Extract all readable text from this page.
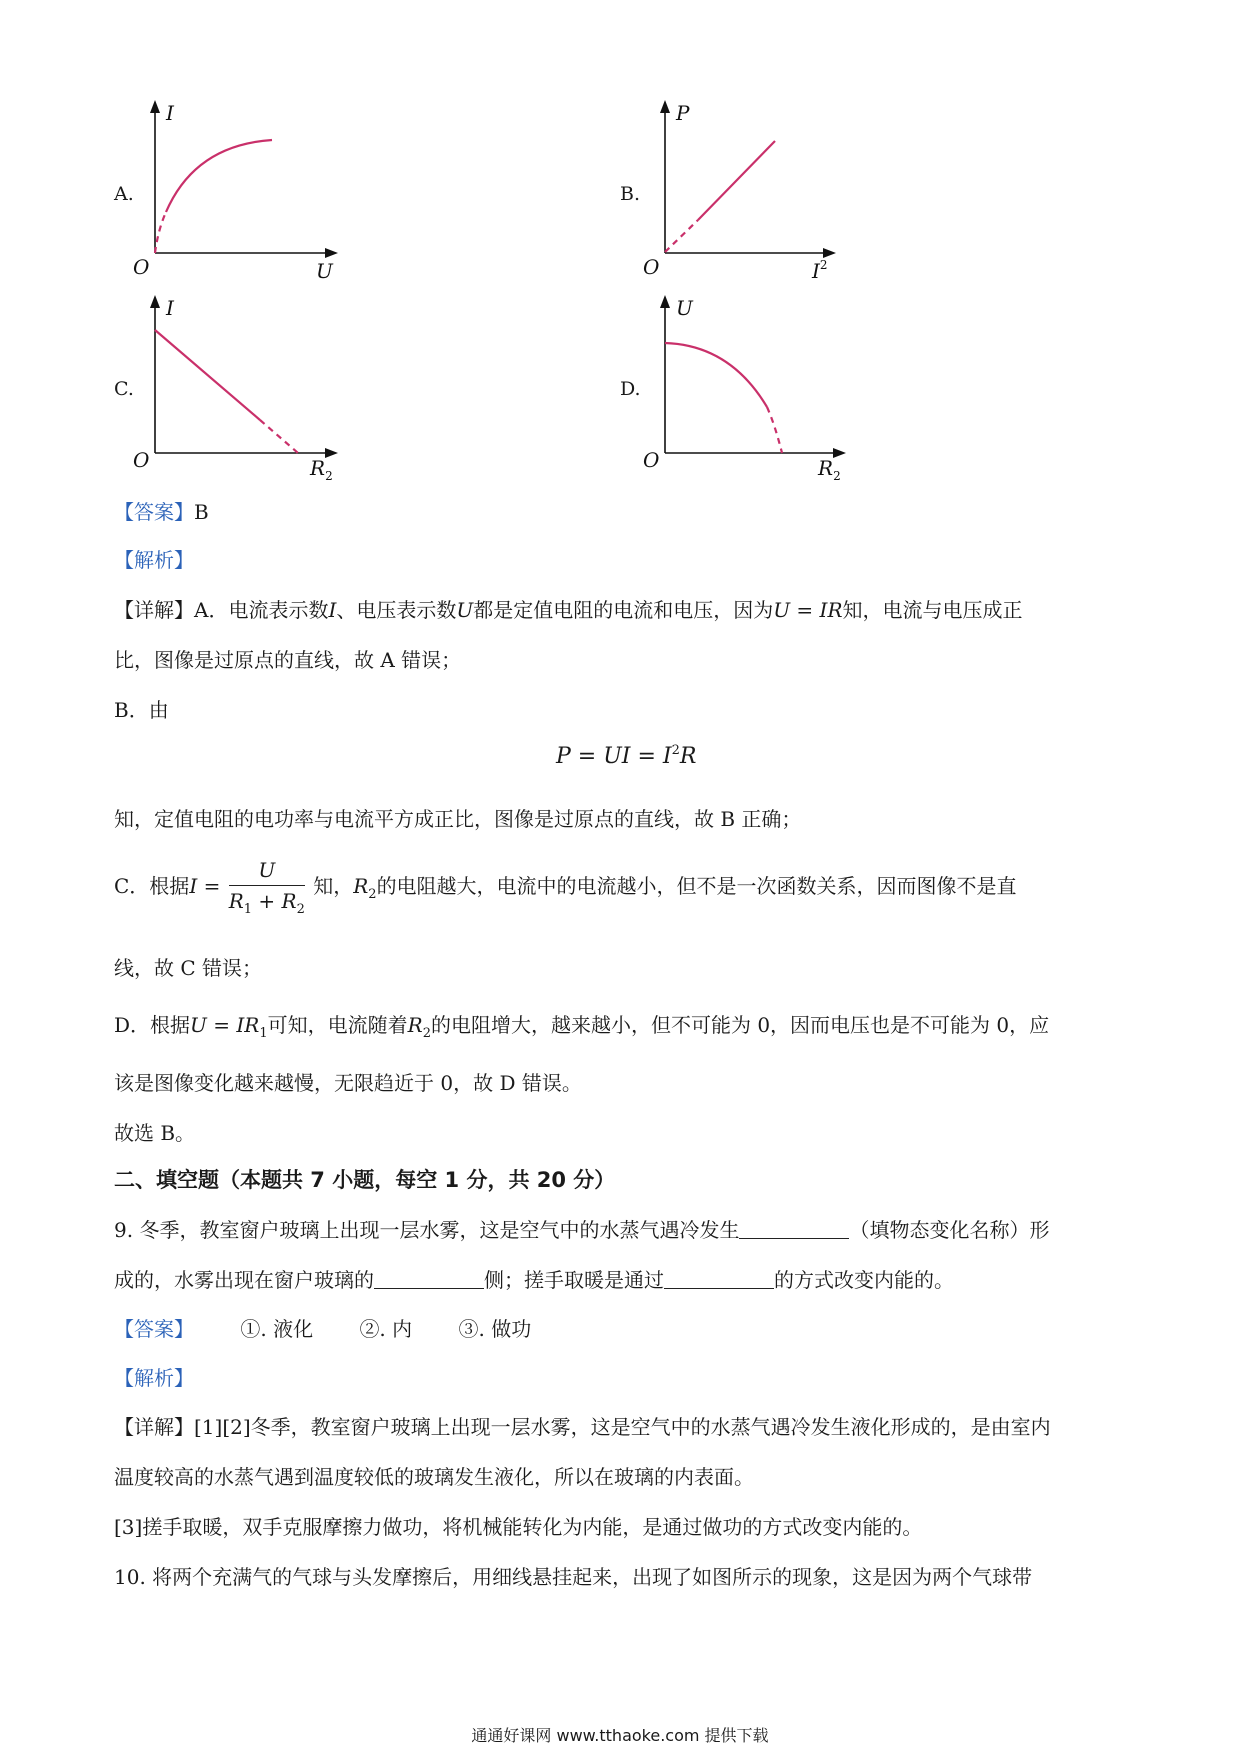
A.
I
U
O
B.
P
$I^2$
O
C.
I
$R_2$
O
D.
U
$R_2$
O
【答案】B
【解析】
【详解】A．电流表示数I、电压表示数U都是定值电阻的电流和电压，因为U = IR知，电流与电压成正
比，图像是过原点的直线，故 A 错误；
B．由
P = UI = $I^2R$
知，定值电阻的电功率与电流平方成正比，图像是过原点的直线，故 B 正确；
C．根据$I = \frac{U}{R_1 + R_2}$ 知，$R_2$的电阻越大，电流中的电流越小，但不是一次函数关系，因而图像不是直
线，故 C 错误；
D．根据$U = IR_1$可知，电流随着$R_2$的电阻增大，越来越小，但不可能为 0，因而电压也是不可能为 0，应
该是图像变化越来越慢，无限趋近于 0，故 D 错误。
故选 B。
二、填空题（本题共 7 小题，每空 1 分，共 20 分）
9. 冬季，教室窗户玻璃上出现一层水雾，这是空气中的水蒸气遇冷发生	（填物态变化名称）形
成的，水雾出现在窗户玻璃的	侧；搓手取暖是通过	的方式改变内能的。
【答案】 ①. 液化 ②. 内 ③. 做功
【解析】
【详解】[1][2]冬季，教室窗户玻璃上出现一层水雾，这是空气中的水蒸气遇冷发生液化形成的，是由室内
温度较高的水蒸气遇到温度较低的玻璃发生液化，所以在玻璃的内表面。
[3]搓手取暖，双手克服摩擦力做功，将机械能转化为内能，是通过做功的方式改变内能的。
10. 将两个充满气的气球与头发摩擦后，用细线悬挂起来，出现了如图所示的现象，这是因为两个气球带
通通好课网 www.tthaoke.com 提供下载
